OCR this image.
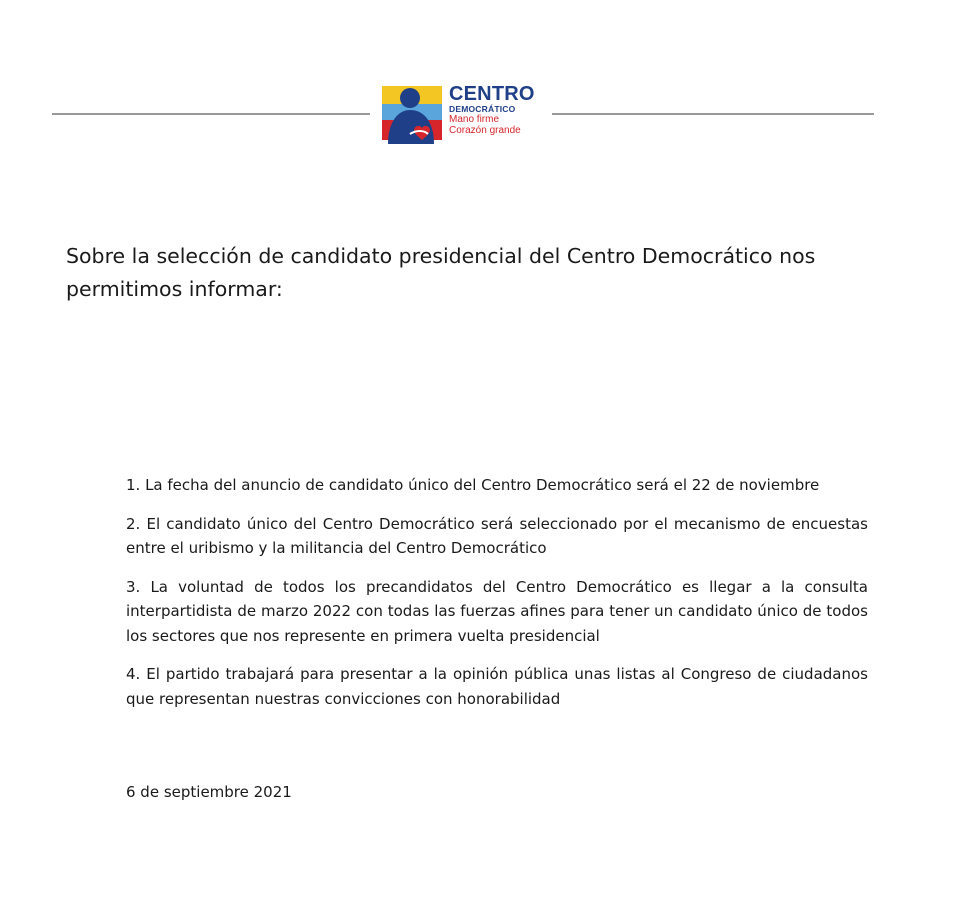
CENTRO
DEMOCRÁTICO
Mano firme
Corazón grande

Sobre la selección de candidato presidencial del Centro Democrático nos permitimos informar:

1. La fecha del anuncio de candidato único del Centro Democrático será el 22 de noviembre
2. El candidato único del Centro Democrático será seleccionado por el mecanismo de encuestas entre el uribismo y la militancia del Centro Democrático
3. La voluntad de todos los precandidatos del Centro Democrático es llegar a la consulta interpartidista de marzo 2022 con todas las fuerzas afines para tener un candidato único de todos los sectores que nos represente en primera vuelta presidencial
4. El partido trabajará para presentar a la opinión pública unas listas al Congreso de ciudadanos que representan nuestras convicciones con honorabilidad
6 de septiembre 2021
